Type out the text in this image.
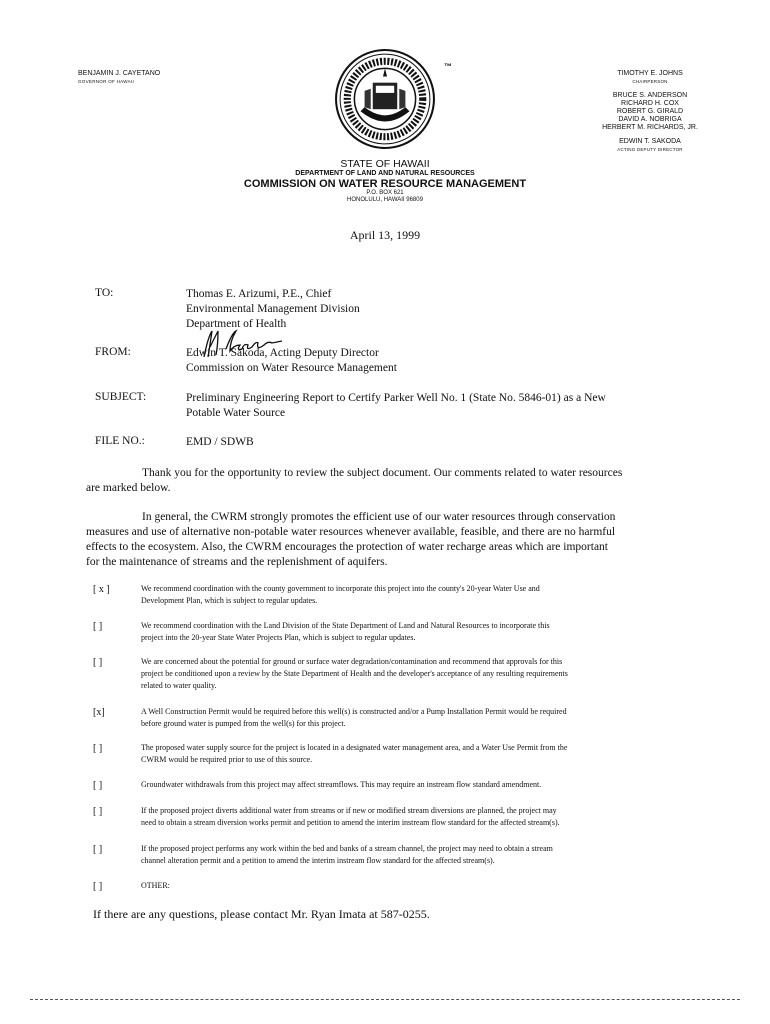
BENJAMIN J. CAYETANO
GOVERNOR OF HAWAII
™
TIMOTHY E. JOHNS
CHAIRPERSON
BRUCE S. ANDERSON
RICHARD H. COX
ROBERT G. GIRALD
DAVID A. NOBRIGA
HERBERT M. RICHARDS, JR.
EDWIN T. SAKODA
ACTING DEPUTY DIRECTOR
STATE OF HAWAII
DEPARTMENT OF LAND AND NATURAL RESOURCES
COMMISSION ON WATER RESOURCE MANAGEMENT
P.O. BOX 621
HONOLULU, HAWAII 96809
April 13, 1999
TO:	Thomas E. Arizumi, P.E., Chief
Environmental Management Division
Department of Health
FROM:	Edwin T. Sakoda, Acting Deputy Director
Commission on Water Resource Management
SUBJECT:	Preliminary Engineering Report to Certify Parker Well No. 1 (State No. 5846-01) as a New
Potable Water Source
FILE NO.:	EMD / SDWB
Thank you for the opportunity to review the subject document. Our comments related to water resources
are marked below.
In general, the CWRM strongly promotes the efficient use of our water resources through conservation
measures and use of alternative non-potable water resources whenever available, feasible, and there are no harmful
effects to the ecosystem. Also, the CWRM encourages the protection of water recharge areas which are important
for the maintenance of streams and the replenishment of aquifers.
[ x ]	We recommend coordination with the county government to incorporate this project into the county's 20-year Water Use and
Development Plan, which is subject to regular updates.
[ ]	We recommend coordination with the Land Division of the State Department of Land and Natural Resources to incorporate this
project into the 20-year State Water Projects Plan, which is subject to regular updates.
[ ]	We are concerned about the potential for ground or surface water degradation/contamination and recommend that approvals for this
project be conditioned upon a review by the State Department of Health and the developer's acceptance of any resulting requirements
related to water quality.
[x]	A Well Construction Permit would be required before this well(s) is constructed and/or a Pump Installation Permit would be required
before ground water is pumped from the well(s) for this project.
[ ]	The proposed water supply source for the project is located in a designated water management area, and a Water Use Permit from the
CWRM would be required prior to use of this source.
[ ]	Groundwater withdrawals from this project may affect streamflows. This may require an instream flow standard amendment.
[ ]	If the proposed project diverts additional water from streams or if new or modified stream diversions are planned, the project may
need to obtain a stream diversion works permit and petition to amend the interim instream flow standard for the affected stream(s).
[ ]	If the proposed project performs any work within the bed and banks of a stream channel, the project may need to obtain a stream
channel alteration permit and a petition to amend the interim instream flow standard for the affected stream(s).
[ ]	OTHER:
If there are any questions, please contact Mr. Ryan Imata at 587-0255.
